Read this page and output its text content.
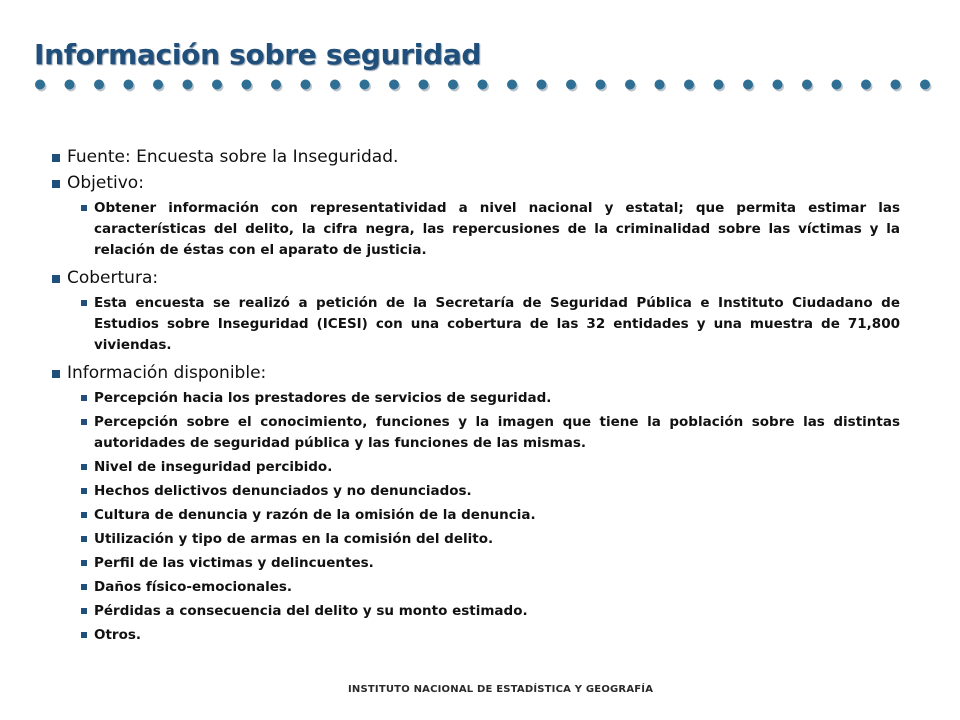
Información sobre seguridad
Fuente: Encuesta sobre la Inseguridad.
Objetivo:
Obtener información con representatividad a nivel nacional y estatal; que permita estimar las características del delito, la cifra negra, las repercusiones de la criminalidad sobre las víctimas y la relación de éstas con el aparato de justicia.
Cobertura:
Esta encuesta se realizó a petición de la Secretaría de Seguridad Pública e Instituto Ciudadano de Estudios sobre Inseguridad (ICESI) con una cobertura de las 32 entidades y una muestra de 71,800 viviendas.
Información disponible:
Percepción hacia los prestadores de servicios de seguridad.
Percepción sobre el conocimiento, funciones y la imagen que tiene la población sobre las distintas autoridades de seguridad pública y las funciones de las mismas.
Nivel de inseguridad percibido.
Hechos delictivos denunciados y no denunciados.
Cultura de denuncia y razón de la omisión de la denuncia.
Utilización y tipo de armas en la comisión del delito.
Perfil de las victimas y delincuentes.
Daños físico-emocionales.
Pérdidas a consecuencia del delito y su monto estimado.
Otros.
INSTITUTO NACIONAL DE ESTADÍSTICA Y GEOGRAFÍA
